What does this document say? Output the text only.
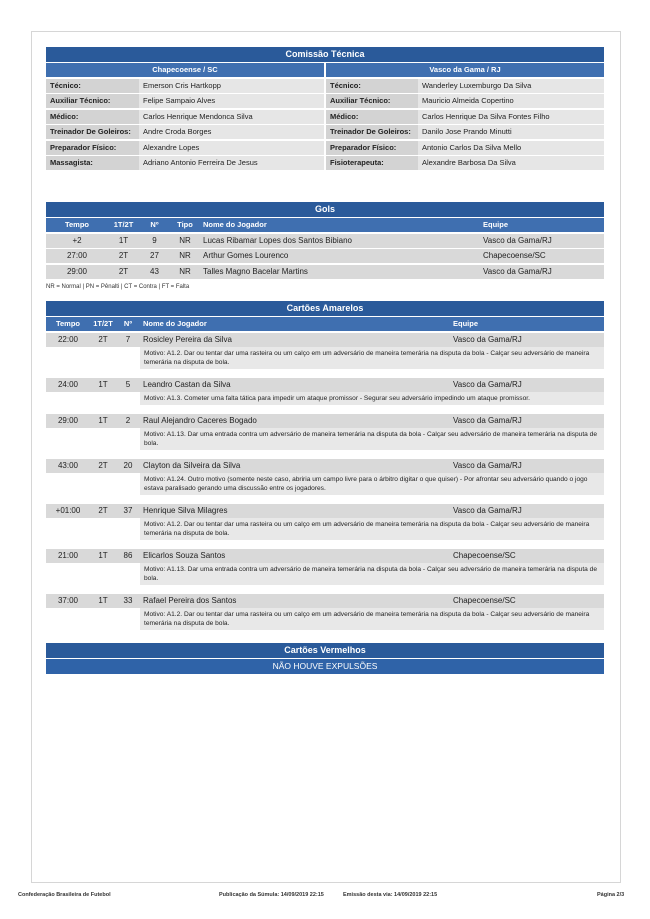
Comissão Técnica
Chapecoense / SC	Vasco da Gama / RJ
Técnico:	Emerson Cris Hartkopp	Técnico:	Wanderley Luxemburgo Da Silva
Auxiliar Técnico:	Felipe Sampaio Alves	Auxiliar Técnico:	Mauricio Almeida Copertino
Médico:	Carlos Henrique Mendonca Silva	Médico:	Carlos Henrique Da Silva Fontes Filho
Treinador De Goleiros:	Andre Croda Borges	Treinador De Goleiros:	Danilo Jose Prando Minutti
Preparador Físico:	Alexandre Lopes	Preparador Físico:	Antonio Carlos Da Silva Mello
Massagista:	Adriano Antonio Ferreira De Jesus	Fisioterapeuta:	Alexandre Barbosa Da Silva
Gols
Tempo	1T/2T	Nº	Tipo	Nome do Jogador	Equipe
+2	1T	9	NR	Lucas Ribamar Lopes dos Santos Bibiano	Vasco da Gama/RJ
27:00	2T	27	NR	Arthur Gomes Lourenco	Chapecoense/SC
29:00	2T	43	NR	Talles Magno Bacelar Martins	Vasco da Gama/RJ
NR = Normal | PN = Pênalti | CT = Contra | FT = Falta
Cartões Amarelos
Tempo	1T/2T	Nº	Nome do Jogador	Equipe
22:00	2T	7	Rosicley Pereira da Silva	Vasco da Gama/RJ
Motivo: A1.2. Dar ou tentar dar uma rasteira ou um calço em um adversário de maneira temerária na disputa da bola - Calçar seu adversário de maneira temerária na disputa de bola.
24:00	1T	5	Leandro Castan da Silva	Vasco da Gama/RJ
Motivo: A1.3. Cometer uma falta tática para impedir um ataque promissor - Segurar seu adversário impedindo um ataque promissor.
29:00	1T	2	Raul Alejandro Caceres Bogado	Vasco da Gama/RJ
Motivo: A1.13. Dar uma entrada contra um adversário de maneira temerária na disputa da bola - Calçar seu adversário de maneira temerária na disputa de bola.
43:00	2T	20	Clayton da Silveira da Silva	Vasco da Gama/RJ
Motivo: A1.24. Outro motivo (somente neste caso, abriria um campo livre para o árbitro digitar o que quiser) - Por afrontar seu adversário quando o jogo estava paralisado gerando uma discussão entre os jogadores.
+01:00	2T	37	Henrique Silva Milagres	Vasco da Gama/RJ
Motivo: A1.2. Dar ou tentar dar uma rasteira ou um calço em um adversário de maneira temerária na disputa da bola - Calçar seu adversário de maneira temerária na disputa de bola.
21:00	1T	86	Elicarlos Souza Santos	Chapecoense/SC
Motivo: A1.13. Dar uma entrada contra um adversário de maneira temerária na disputa da bola - Calçar seu adversário de maneira temerária na disputa de bola.
37:00	1T	33	Rafael Pereira dos Santos	Chapecoense/SC
Motivo: A1.2. Dar ou tentar dar uma rasteira ou um calço em um adversário de maneira temerária na disputa da bola - Calçar seu adversário de maneira temerária na disputa de bola.
Cartões Vermelhos
NÃO HOUVE EXPULSÕES
Confederação Brasileira de Futebol	Publicação da Súmula: 14/09/2019 22:15	Emissão desta via: 14/09/2019 22:15	Página 2/3
